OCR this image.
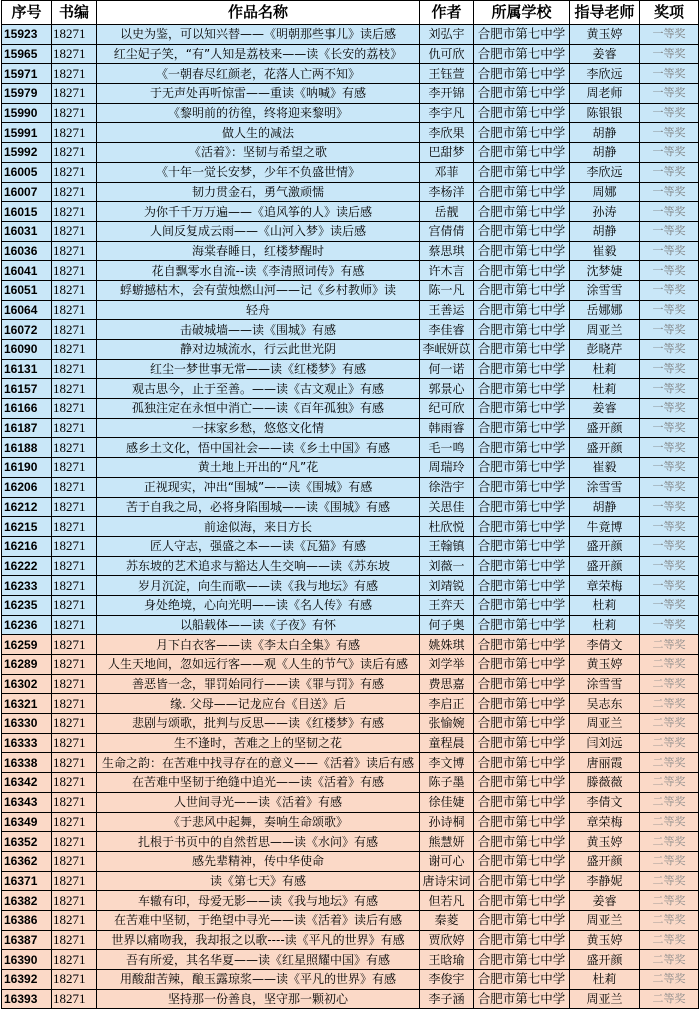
序号	书编	作品名称	作者	所属学校	指导老师	奖项
15923	18271	以史为鉴，可以知兴替——《明朝那些事儿》读后感	刘弘宇	合肥市第七中学	黄玉婷	一等奖
15965	18271	红尘妃子笑，“有”人知是荔枝来——读《长安的荔枝》	仇可欣	合肥市第七中学	姜睿	一等奖
15971	18271	《一朝春尽红颜老，花落人亡两不知》	王钰萱	合肥市第七中学	李欣远	一等奖
15979	18271	于无声处再听惊雷——重读《呐喊》有感	李开锦	合肥市第七中学	周老师	一等奖
15990	18271	《黎明前的彷徨，终将迎来黎明》	李宇凡	合肥市第七中学	陈银银	一等奖
15991	18271	做人生的减法	李欣果	合肥市第七中学	胡静	一等奖
15992	18271	《活着》：坚韧与希望之歌	巴甜梦	合肥市第七中学	胡静	一等奖
16005	18271	《十年一觉长安梦，少年不负盛世情》	邓菲	合肥市第七中学	李欣远	一等奖
16007	18271	韧力贯金石，勇气激顽懦	李杨洋	合肥市第七中学	周娜	一等奖
16015	18271	为你千千万万遍——《追风筝的人》读后感	岳靓	合肥市第七中学	孙涛	一等奖
16031	18271	人间反复成云雨——《山河入梦》读后感	宫倩倩	合肥市第七中学	胡静	一等奖
16036	18271	海棠春睡日，红楼梦醒时	蔡思琪	合肥市第七中学	崔毅	一等奖
16041	18271	花自飘零水自流--读《李清照词传》有感	许木言	合肥市第七中学	沈梦婕	一等奖
16051	18271	蜉蝣撼枯木，会有萤烛燃山河——记《乡村教师》读	陈一凡	合肥市第七中学	涂雪雪	一等奖
16064	18271	轻舟	王善运	合肥市第七中学	岳娜娜	一等奖
16072	18271	击破城墙——读《围城》有感	李佳睿	合肥市第七中学	周亚兰	一等奖
16090	18271	静对边城流水，行云此世光阴	李岷妍苡	合肥市第七中学	彭晓芹	一等奖
16131	18271	红尘一梦世事无常——读《红楼梦》有感	何一诺	合肥市第七中学	杜莉	一等奖
16157	18271	观古思今，止于至善。——读《古文观止》有感	郭景心	合肥市第七中学	杜莉	一等奖
16166	18271	孤独注定在永恒中消亡——读《百年孤独》有感	纪可欣	合肥市第七中学	姜睿	一等奖
16187	18271	一抹家乡愁，悠悠文化情	韩雨睿	合肥市第七中学	盛开颜	一等奖
16188	18271	感乡土文化，悟中国社会——读《乡土中国》有感	毛一鸣	合肥市第七中学	盛开颜	一等奖
16190	18271	黄土地上开出的“凡”花	周瑞玲	合肥市第七中学	崔毅	一等奖
16206	18271	正视现实，冲出“围城”——读《围城》有感	徐浩宇	合肥市第七中学	涂雪雪	一等奖
16212	18271	苦于自我之局，必将身陷围城——读《围城》有感	关思佳	合肥市第七中学	胡静	一等奖
16215	18271	前途似海，来日方长	杜欣悦	合肥市第七中学	牛竟博	一等奖
16216	18271	匠人守志，强盛之本——读《瓦猫》有感	王翰镇	合肥市第七中学	盛开颜	一等奖
16222	18271	苏东坡的艺术追求与豁达人生交响——读《苏东坡	刘薇一	合肥市第七中学	盛开颜	一等奖
16233	18271	岁月沉淀，向生而歌——读《我与地坛》有感	刘靖锐	合肥市第七中学	章荣梅	一等奖
16235	18271	身处绝境，心向光明——读《名人传》有感	王弈天	合肥市第七中学	杜莉	一等奖
16236	18271	以船载体——读《子夜》有怀	何子奥	合肥市第七中学	杜莉	一等奖
16259	18271	月下白衣客——读《李太白全集》有感	姚姝琪	合肥市第七中学	李倩文	二等奖
16289	18271	人生天地间，忽如远行客——观《人生的节气》读后有感	刘学举	合肥市第七中学	黄玉婷	二等奖
16302	18271	善恶皆一念，罪罚始同行——读《罪与罚》有感	费思嘉	合肥市第七中学	涂雪雪	二等奖
16321	18271	缘. 父母——记龙应台《目送》后	李启正	合肥市第七中学	吴志东	二等奖
16330	18271	悲剧与颂歌，批判与反思——读《红楼梦》有感	张愉婉	合肥市第七中学	周亚兰	二等奖
16333	18271	生不逢时，苦难之上的坚韧之花	童程晨	合肥市第七中学	闫刘远	二等奖
16338	18271	生命之韵：在苦难中找寻存在的意义——《活着》读后有感	李文博	合肥市第七中学	唐丽霞	二等奖
16342	18271	在苦难中坚韧于绝缝中追光——读《活着》有感	陈子墨	合肥市第七中学	滕薇薇	二等奖
16343	18271	人世间寻光——读《活着》有感	徐佳婕	合肥市第七中学	李倩文	二等奖
16349	18271	《于悲风中起舞，奏响生命颂歌》	孙诗桐	合肥市第七中学	章荣梅	二等奖
16352	18271	扎根于书页中的自然哲思——读《水问》有感	熊慧妍	合肥市第七中学	黄玉婷	二等奖
16362	18271	感先辈精神，传中华使命	谢可心	合肥市第七中学	盛开颜	二等奖
16371	18271	读《第七天》有感	唐诗宋词	合肥市第七中学	李静妮	二等奖
16382	18271	车辙有印，母爱无影——读《我与地坛》有感	但若凡	合肥市第七中学	姜睿	二等奖
16386	18271	在苦难中坚韧，于绝望中寻光——读《活着》读后有感	秦菱	合肥市第七中学	周亚兰	二等奖
16387	18271	世界以痛吻我，我却报之以歌----读《平凡的世界》有感	贾欣婷	合肥市第七中学	黄玉婷	二等奖
16390	18271	吾有所爱，其名华夏——读《红星照耀中国》有感	王晗瑜	合肥市第七中学	盛开颜	二等奖
16392	18271	用酸甜苦辣，酿玉露琼浆——读《平凡的世界》有感	李俊宇	合肥市第七中学	杜莉	二等奖
16393	18271	坚持那一份善良，坚守那一颗初心	李子涵	合肥市第七中学	周亚兰	二等奖
